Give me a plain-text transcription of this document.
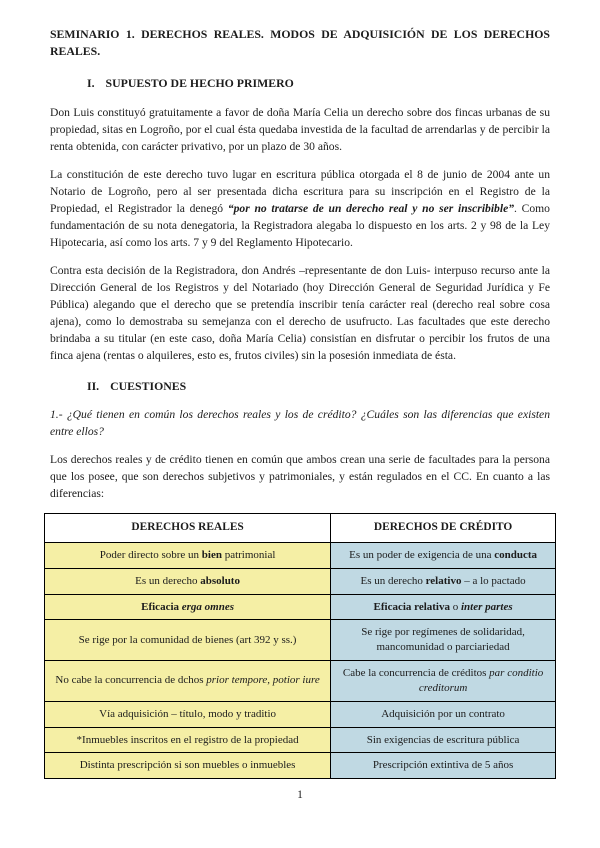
SEMINARIO 1. DERECHOS REALES. MODOS DE ADQUISICIÓN DE LOS DERECHOS REALES.
I. SUPUESTO DE HECHO PRIMERO

Don Luis constituyó gratuitamente a favor de doña María Celia un derecho sobre dos fincas urbanas de su propiedad, sitas en Logroño, por el cual ésta quedaba investida de la facultad de arrendarlas y de percibir la renta obtenida, con carácter privativo, por un plazo de 30 años.

La constitución de este derecho tuvo lugar en escritura pública otorgada el 8 de junio de 2004 ante un Notario de Logroño, pero al ser presentada dicha escritura para su inscripción en el Registro de la Propiedad, el Registrador la denegó “por no tratarse de un derecho real y no ser inscribible”. Como fundamentación de su nota denegatoria, la Registradora alegaba lo dispuesto en los arts. 2 y 98 de la Ley Hipotecaria, así como los arts. 7 y 9 del Reglamento Hipotecario.

Contra esta decisión de la Registradora, don Andrés –representante de don Luis- interpuso recurso ante la Dirección General de los Registros y del Notariado (hoy Dirección General de Seguridad Jurídica y Fe Pública) alegando que el derecho que se pretendía inscribir tenía carácter real (derecho real sobre cosa ajena), como lo demostraba su semejanza con el derecho de usufructo. Las facultades que este derecho brindaba a su titular (en este caso, doña María Celia) consistían en disfrutar o percibir los frutos de una finca ajena (rentas o alquileres, esto es, frutos civiles) sin la posesión inmediata de ésta.

II. CUESTIONES

1.- ¿Qué tienen en común los derechos reales y los de crédito? ¿Cuáles son las diferencias que existen entre ellos?

Los derechos reales y de crédito tienen en común que ambos crean una serie de facultades para la persona que los posee, que son derechos subjetivos y patrimoniales, y están regulados en el CC. En cuanto a las diferencias:

DERECHOS REALES	DERECHOS DE CRÉDITO
Poder directo sobre un bien patrimonial	Es un poder de exigencia de una conducta
Es un derecho absoluto	Es un derecho relativo – a lo pactado
Eficacia erga omnes	Eficacia relativa o inter partes
Se rige por la comunidad de bienes (art 392 y ss.)	Se rige por regímenes de solidaridad, mancomunidad o parciariedad
No cabe la concurrencia de dchos prior tempore, potior iure	Cabe la concurrencia de créditos par conditio creditorum
Vía adquisición – título, modo y traditio	Adquisición por un contrato
*Inmuebles inscritos en el registro de la propiedad	Sin exigencias de escritura pública
Distinta prescripción si son muebles o inmuebles	Prescripción extintiva de 5 años
1
